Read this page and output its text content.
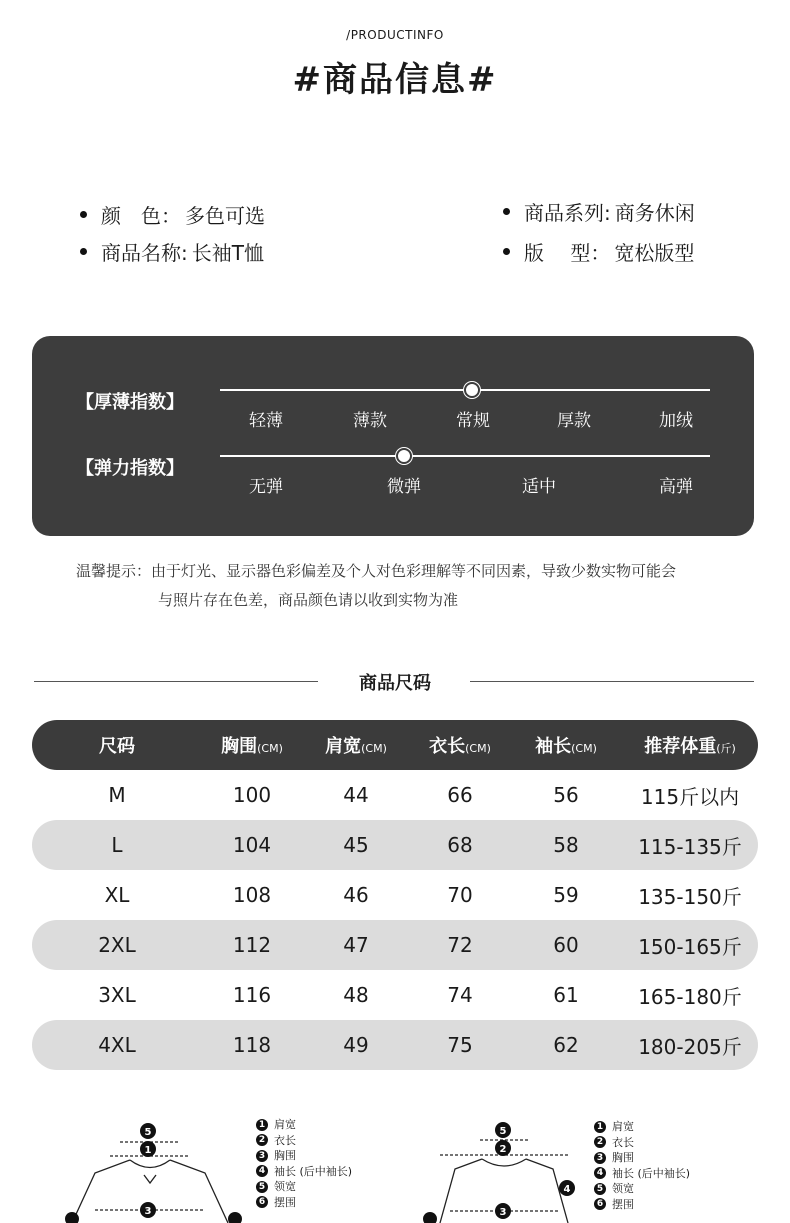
/PRODUCTINFO
#商品信息#
颜　色： 多色可选
商品名称: 长袖T恤
商品系列: 商务休闲
版　 型： 宽松版型
【厚薄指数】
轻薄	薄款	常规	厚款	加绒
【弹力指数】
无弹	微弹	适中	高弹
温馨提示：由于灯光、显示器色彩偏差及个人对色彩理解等不同因素，导致少数实物可能会
与照片存在色差，商品颜色请以收到实物为准
商品尺码
尺码	胸围(CM)	肩宽(CM)	衣长(CM)	袖长(CM)	推荐体重(斤)
M	100	44	66	56	115斤以内
L	104	45	68	58	115-135斤
XL	108	46	70	59	135-150斤
2XL	112	47	72	60	150-165斤
3XL	116	48	74	61	165-180斤
4XL	118	49	75	62	180-205斤
5
1
3
1 肩宽
2 衣长
3 胸围
4 袖长 (后中袖长)
5 领宽
6 摆围
5
2
3
4
1 肩宽
2 衣长
3 胸围
4 袖长 (后中袖长)
5 领宽
6 摆围
